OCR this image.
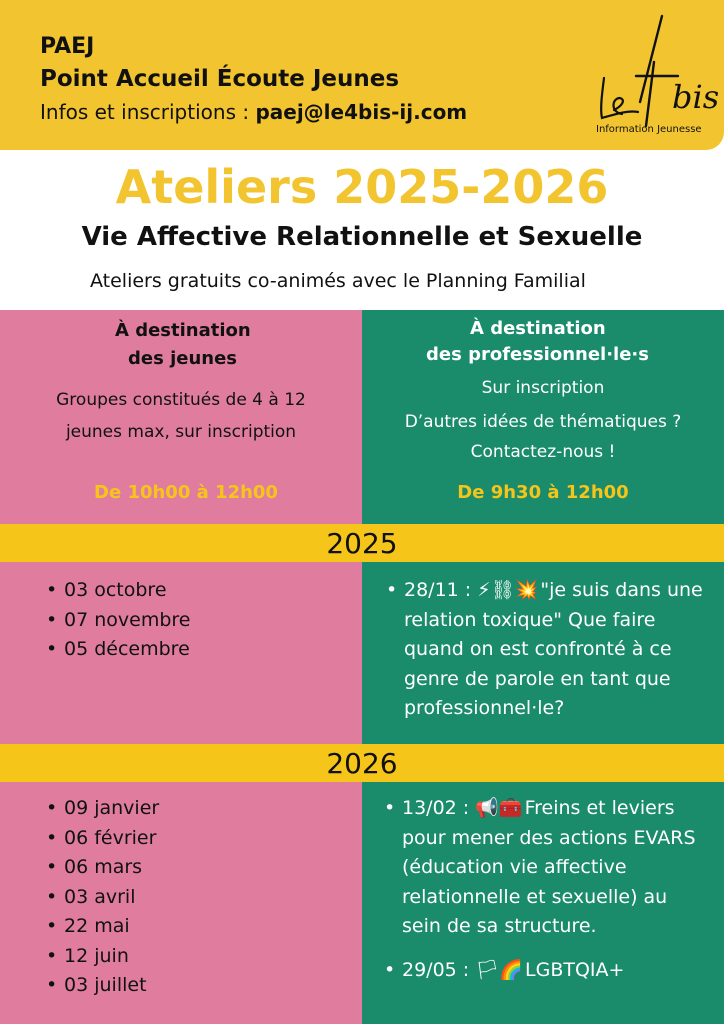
PAEJ
Point Accueil Écoute Jeunes
Infos et inscriptions : paej@le4bis-ij.com	bis
Information Jeunesse
Ateliers 2025-2026
Vie Affective Relationnelle et Sexuelle
Ateliers gratuits co-animés avec le Planning Familial
À destination
des jeunes
Groupes constitués de 4 à 12
jeunes max, sur inscription
De 10h00 à 12h00
À destination
des professionnel·le·s
Sur inscription
D’autres idées de thématiques ?
Contactez-nous !
De 9h30 à 12h00
2025
• 03 octobre
• 07 novembre
• 05 décembre
• 28/11 : ⚡⛓💥 "je suis dans une
relation toxique" Que faire
quand on est confronté à ce
genre de parole en tant que
professionnel·le?
2026
• 09 janvier
• 06 février
• 06 mars
• 03 avril
• 22 mai
• 12 juin
• 03 juillet
• 13/02 : 📢🧰 Freins et leviers
pour mener des actions EVARS
(éducation vie affective
relationnelle et sexuelle) au
sein de sa structure.
• 29/05 : 🏳🌈 LGBTQIA+
